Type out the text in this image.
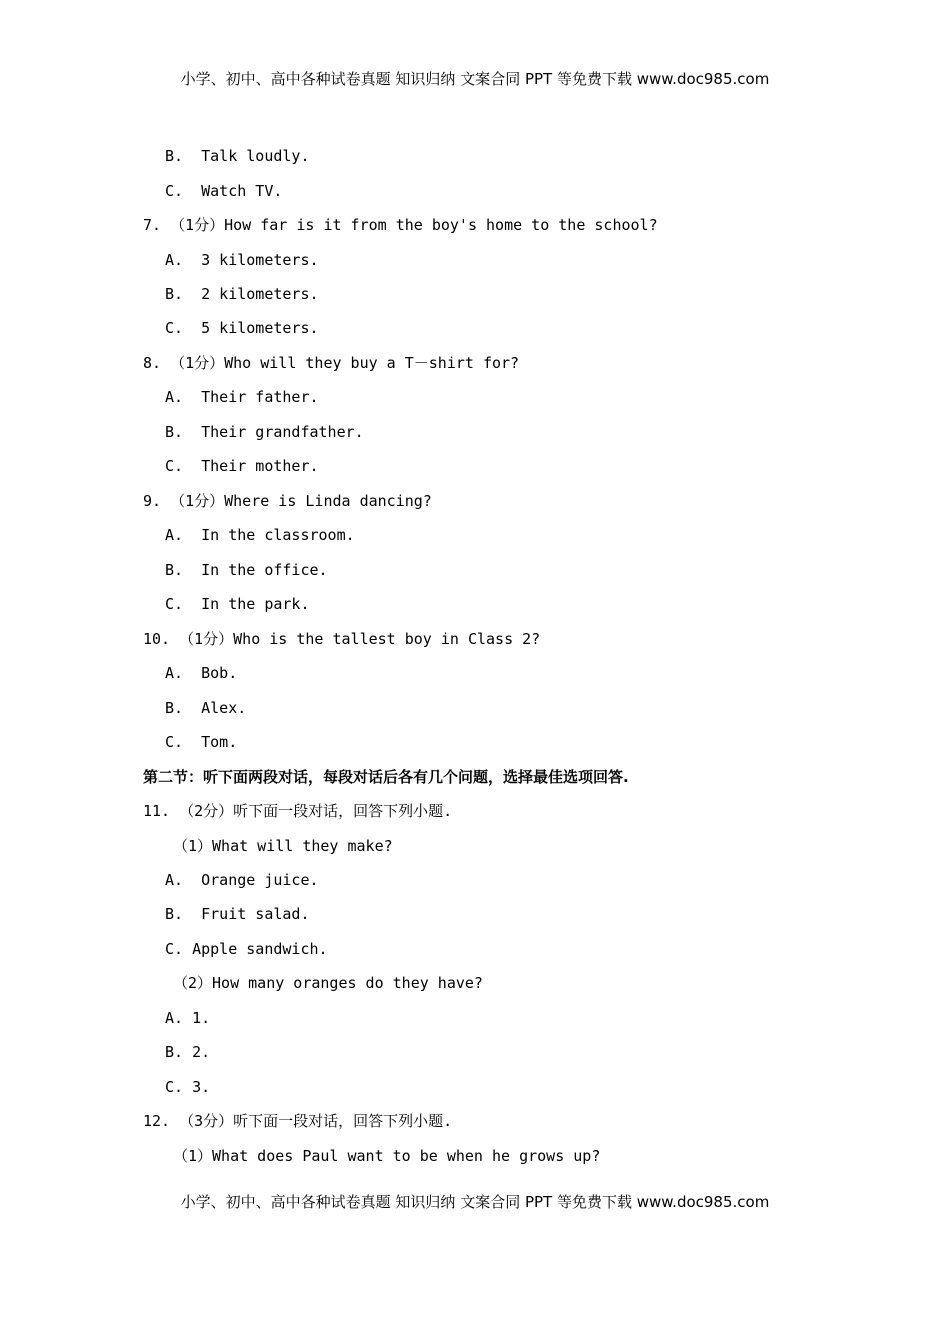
小学、初中、高中各种试卷真题 知识归纳 文案合同 PPT 等免费下载 www.doc985.com
B.  Talk loudly.
C.  Watch TV.
7. （1分）How far is it from the boy's home to the school?
A.  3 kilometers.
B.  2 kilometers.
C.  5 kilometers.
8. （1分）Who will they buy a T－shirt for?
A.  Their father.
B.  Their grandfather.
C.  Their mother.
9. （1分）Where is Linda dancing?
A.  In the classroom.
B.  In the office.
C.  In the park.
10. （1分）Who is the tallest boy in Class 2?
A.  Bob.
B.  Alex.
C.  Tom.
第二节：听下面两段对话，每段对话后各有几个问题，选择最佳选项回答.
11. （2分）听下面一段对话，回答下列小题.
（1）What will they make?
A.  Orange juice.
B.  Fruit salad.
C. Apple sandwich.
（2）How many oranges do they have?
A. 1.
B. 2.
C. 3.
12. （3分）听下面一段对话，回答下列小题.
（1）What does Paul want to be when he grows up?
小学、初中、高中各种试卷真题 知识归纳 文案合同 PPT 等免费下载 www.doc985.com
